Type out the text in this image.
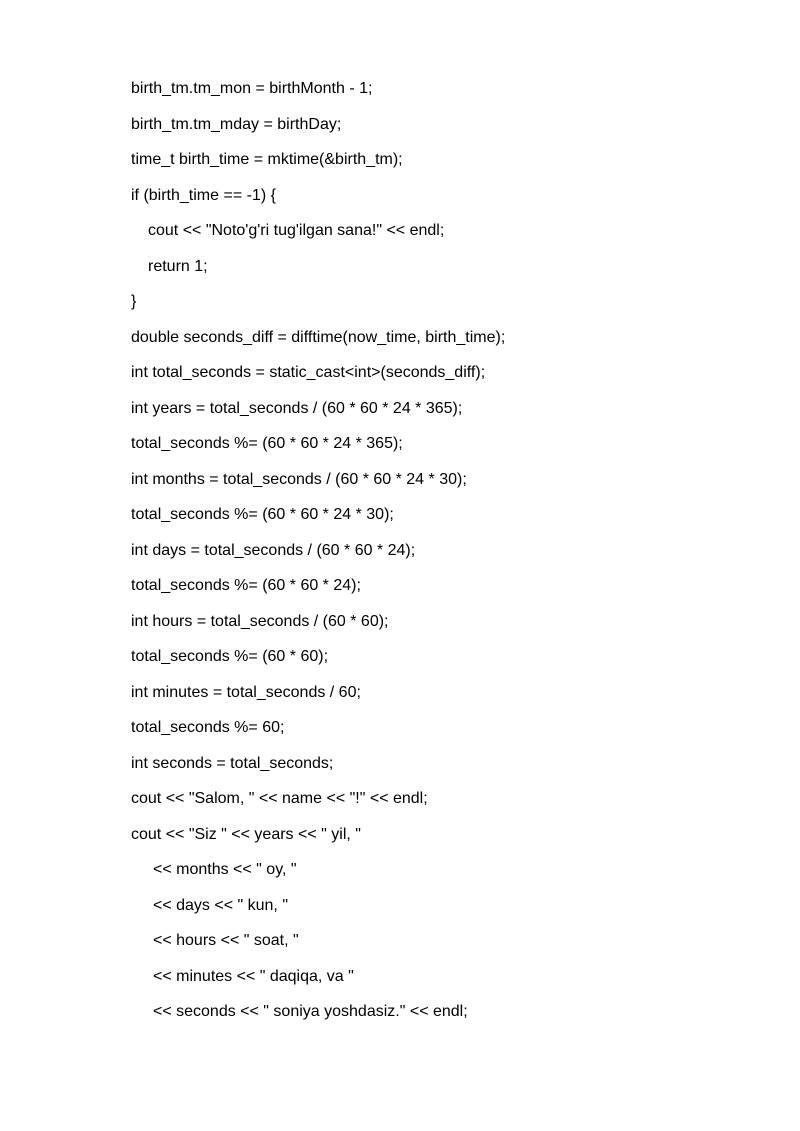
birth_tm.tm_mon = birthMonth - 1;
birth_tm.tm_mday = birthDay;
time_t birth_time = mktime(&birth_tm);
if (birth_time == -1) {
cout << "Noto'g'ri tug'ilgan sana!" << endl;
return 1;
}
double seconds_diff = difftime(now_time, birth_time);
int total_seconds = static_cast<int>(seconds_diff);
int years = total_seconds / (60 * 60 * 24 * 365);
total_seconds %= (60 * 60 * 24 * 365);
int months = total_seconds / (60 * 60 * 24 * 30);
total_seconds %= (60 * 60 * 24 * 30);
int days = total_seconds / (60 * 60 * 24);
total_seconds %= (60 * 60 * 24);
int hours = total_seconds / (60 * 60);
total_seconds %= (60 * 60);
int minutes = total_seconds / 60;
total_seconds %= 60;
int seconds = total_seconds;
cout << "Salom, " << name << "!" << endl;
cout << "Siz " << years << " yil, "
<< months << " oy, "
<< days << " kun, "
<< hours << " soat, "
<< minutes << " daqiqa, va "
<< seconds << " soniya yoshdasiz." << endl;
